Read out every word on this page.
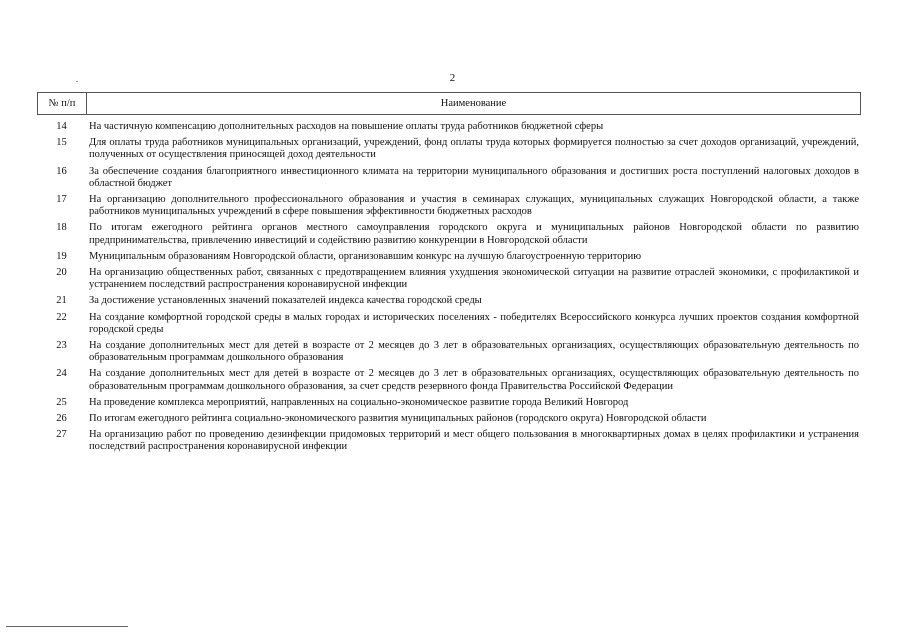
2
№ п/п	Наименование
14	На частичную компенсацию дополнительных расходов на повышение оплаты труда работников бюджетной сферы
15	Для оплаты труда работников муниципальных организаций, учреждений, фонд оплаты труда которых формируется полностью за счет доходов организаций, учреждений, полученных от осуществления приносящей доход деятельности
16	За обеспечение создания благоприятного инвестиционного климата на территории муниципального образования и достигших роста поступлений налоговых доходов в областной бюджет
17	На организацию дополнительного профессионального образования и участия в семинарах служащих, муниципальных служащих Новгородской области, а также работников муниципальных учреждений в сфере повышения эффективности бюджетных расходов
18	По итогам ежегодного рейтинга органов местного самоуправления городского округа и муниципальных районов Новгородской области по развитию предпринимательства, привлечению инвестиций и содействию развитию конкуренции в Новгородской области
19	Муниципальным образованиям Новгородской области, организовавшим конкурс на лучшую благоустроенную территорию
20	На организацию общественных работ, связанных с предотвращением влияния ухудшения экономической ситуации на развитие отраслей экономики, с профилактикой и устранением последствий распространения коронавирусной инфекции
21	За достижение установленных значений показателей индекса качества городской среды
22	На создание комфортной городской среды в малых городах и исторических поселениях - победителях Всероссийского конкурса лучших проектов создания комфортной городской среды
23	На создание дополнительных мест для детей в возрасте от 2 месяцев до 3 лет в образовательных организациях, осуществляющих образовательную деятельность по образовательным программам дошкольного образования
24	На создание дополнительных мест для детей в возрасте от 2 месяцев до 3 лет в образовательных организациях, осуществляющих образовательную деятельность по образовательным программам дошкольного образования, за счет средств резервного фонда Правительства Российской Федерации
25	На проведение комплекса мероприятий, направленных на социально-экономическое развитие города Великий Новгород
26	По итогам ежегодного рейтинга социально-экономического развития муниципальных районов (городского округа) Новгородской области
27	На организацию работ по проведению дезинфекции придомовых территорий и мест общего пользования в многоквартирных домах в целях профилактики и устранения последствий распространения коронавирусной инфекции
